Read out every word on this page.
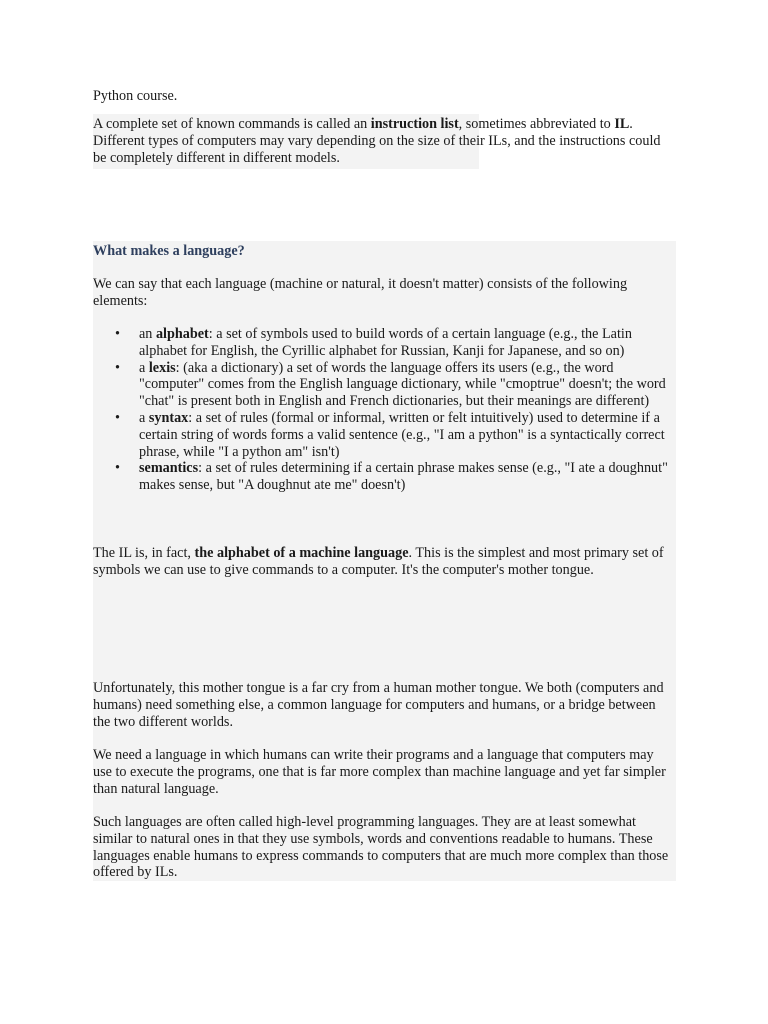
Python course.

A complete set of known commands is called an instruction list, sometimes abbreviated to IL. Different types of computers may vary depending on the size of their ILs, and the instructions could be completely different in different models.

What makes a language?

We can say that each language (machine or natural, it doesn't matter) consists of the following elements:

• an alphabet: a set of symbols used to build words of a certain language (e.g., the Latin alphabet for English, the Cyrillic alphabet for Russian, Kanji for Japanese, and so on)
• a lexis: (aka a dictionary) a set of words the language offers its users (e.g., the word "computer" comes from the English language dictionary, while "cmoptrue" doesn't; the word "chat" is present both in English and French dictionaries, but their meanings are different)
• a syntax: a set of rules (formal or informal, written or felt intuitively) used to determine if a certain string of words forms a valid sentence (e.g., "I am a python" is a syntactically correct phrase, while "I a python am" isn't)
• semantics: a set of rules determining if a certain phrase makes sense (e.g., "I ate a doughnut" makes sense, but "A doughnut ate me" doesn't)

The IL is, in fact, the alphabet of a machine language. This is the simplest and most primary set of symbols we can use to give commands to a computer. It's the computer's mother tongue.

Unfortunately, this mother tongue is a far cry from a human mother tongue. We both (computers and humans) need something else, a common language for computers and humans, or a bridge between the two different worlds.

We need a language in which humans can write their programs and a language that computers may use to execute the programs, one that is far more complex than machine language and yet far simpler than natural language.

Such languages are often called high-level programming languages. They are at least somewhat similar to natural ones in that they use symbols, words and conventions readable to humans. These languages enable humans to express commands to computers that are much more complex than those offered by ILs.
